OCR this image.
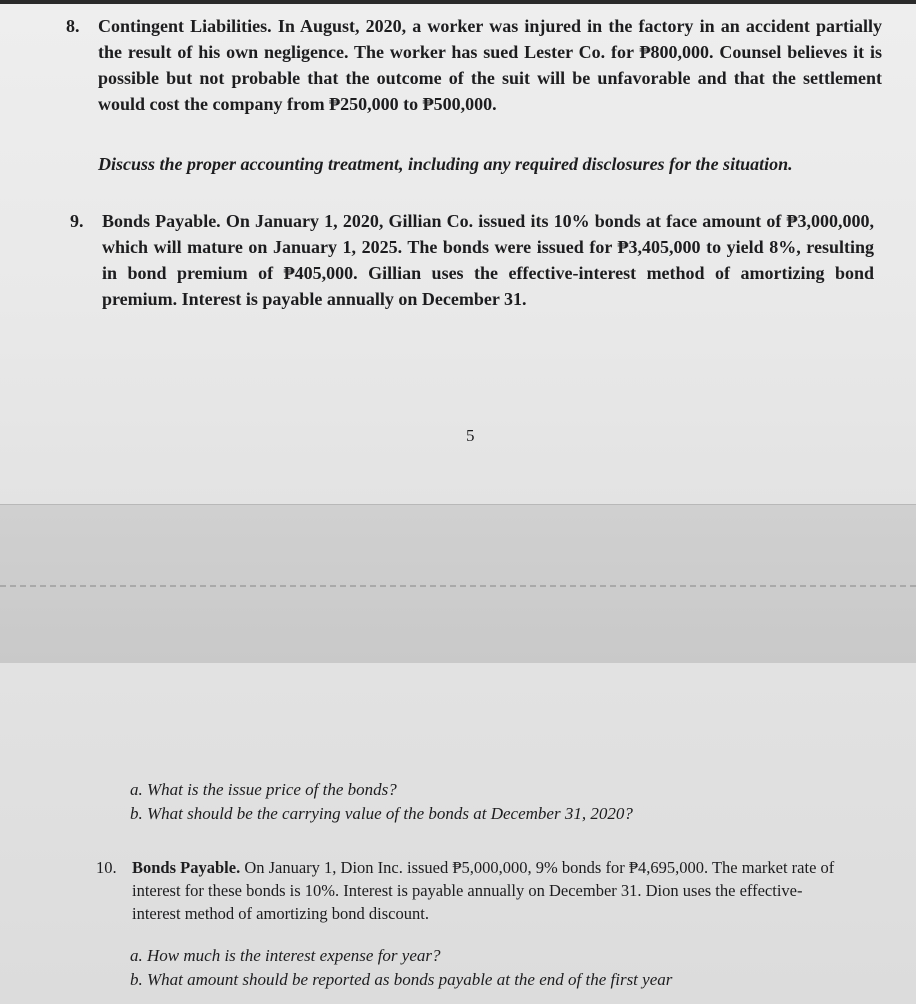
8. Contingent Liabilities. In August, 2020, a worker was injured in the factory in an accident partially the result of his own negligence. The worker has sued Lester Co. for ₱800,000. Counsel believes it is possible but not probable that the outcome of the suit will be unfavorable and that the settlement would cost the company from ₱250,000 to ₱500,000.

Discuss the proper accounting treatment, including any required disclosures for the situation.

9. Bonds Payable. On January 1, 2020, Gillian Co. issued its 10% bonds at face amount of ₱3,000,000, which will mature on January 1, 2025. The bonds were issued for ₱3,405,000 to yield 8%, resulting in bond premium of ₱405,000. Gillian uses the effective-interest method of amortizing bond premium. Interest is payable annually on December 31.

5
a. What is the issue price of the bonds?
b. What should be the carrying value of the bonds at December 31, 2020?
10. Bonds Payable. On January 1, Dion Inc. issued ₱5,000,000, 9% bonds for ₱4,695,000. The market rate of interest for these bonds is 10%. Interest is payable annually on December 31. Dion uses the effective-interest method of amortizing bond discount.

a. How much is the interest expense for year?
b. What amount should be reported as bonds payable at the end of the first year
